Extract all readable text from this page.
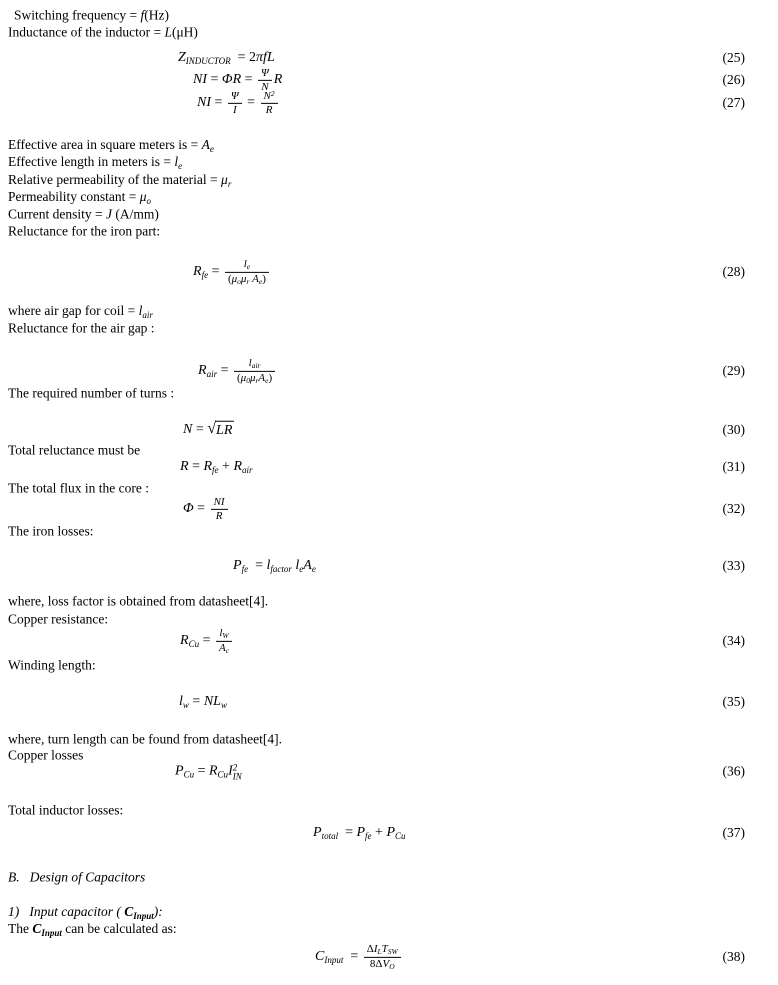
Switching frequency = f(Hz)
Inductance of the inductor = L(μH)
$Z_{INDUCTOR} = 2\pi fL$	(25)
NI = $\Phi R = \frac{\Psi}{N}$ R	(26)
NI = $\frac{\Psi}{I} = \frac{N^2}{R}$	(27)
Effective area in square meters is = $A_e$
Effective length in meters is = $l_e$
Relative permeability of the material = $\mu_r$
Permeability constant = $\mu_o$
Current density = J (A/mm)
Reluctance for the iron part:
$R_{fe} = \frac{le}{\text{(μoμr Ae)}}$	(28)
where air gap for coil = $l_{air}$
Reluctance for the air gap :
$R_{air} = \frac{\text{lair}}{\text{(μ0μrAe)}}$	(29)
The required number of turns :
N = √ LR	(30)
Total reluctance must be
$R = R_{fe} + R_{air}$	(31)
The total flux in the core :
$\Phi = \frac{NI}{R}$	(32)
The iron losses:
$P_{fe} = l_{factor}$ $l_eA_e$	(33)
where, loss factor is obtained from datasheet[4].
Copper resistance:
$R_{Cu} = \frac{lW}{Ac}$	(34)
Winding length:
$l_w = NL_w$	(35)
where, turn length can be found from datasheet[4].
Copper losses
$P_{Cu} = R_{Cu}I$ 2
IN	(36)
Total inductor losses:
$P_{total} = P_{fe} + P_{Cu}$	(37)
B.   Design of Capacitors
1)   Input capacitor ( $C_{Input}$):
The $C_{Input}$ can be calculated as:
$C_{Input} = \frac{\text{ΔILTSW}}{\text{8ΔVO}}$	(38)
